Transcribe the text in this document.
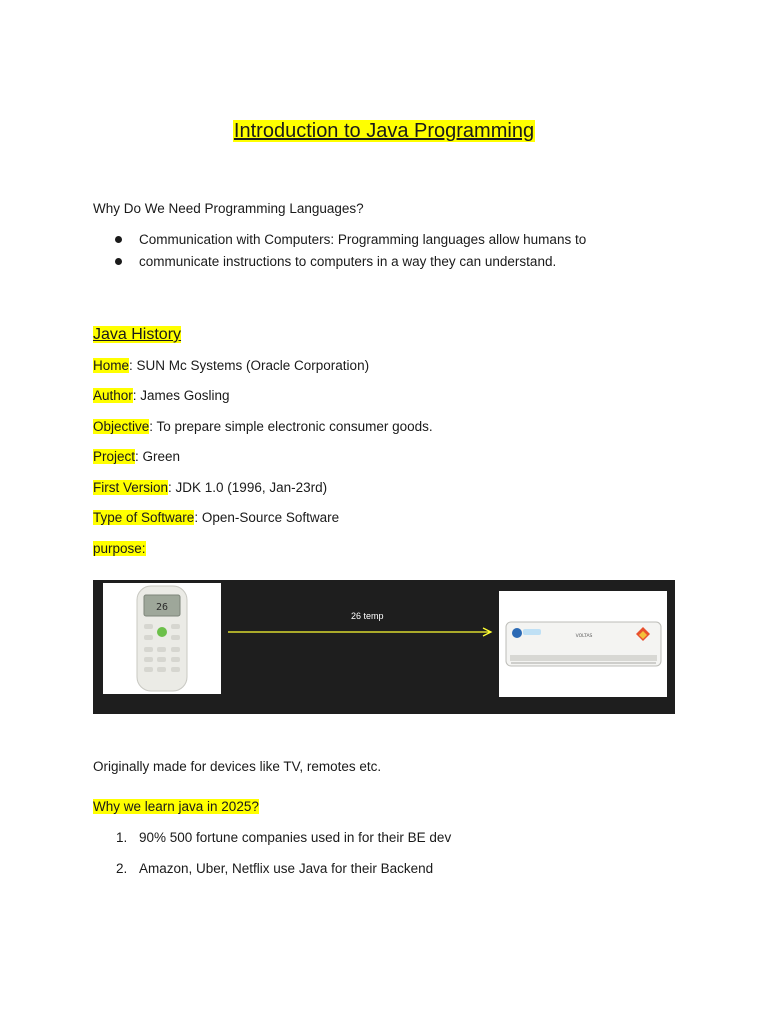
Introduction to Java Programming
Why Do We Need Programming Languages?
Communication with Computers: Programming languages allow humans to
communicate instructions to computers in a way they can understand.
Java History
Home: SUN Mc Systems (Oracle Corporation)
Author: James Gosling
Objective: To prepare simple electronic consumer goods.
Project: Green
First Version: JDK 1.0 (1996, Jan-23rd)
Type of Software: Open-Source Software
purpose:
26
26 temp
VOLTAS
Originally made for devices like TV, remotes etc.
Why we learn java in 2025?
1. 90% 500 fortune companies used in for their BE dev
2. Amazon, Uber, Netflix use Java for their Backend
